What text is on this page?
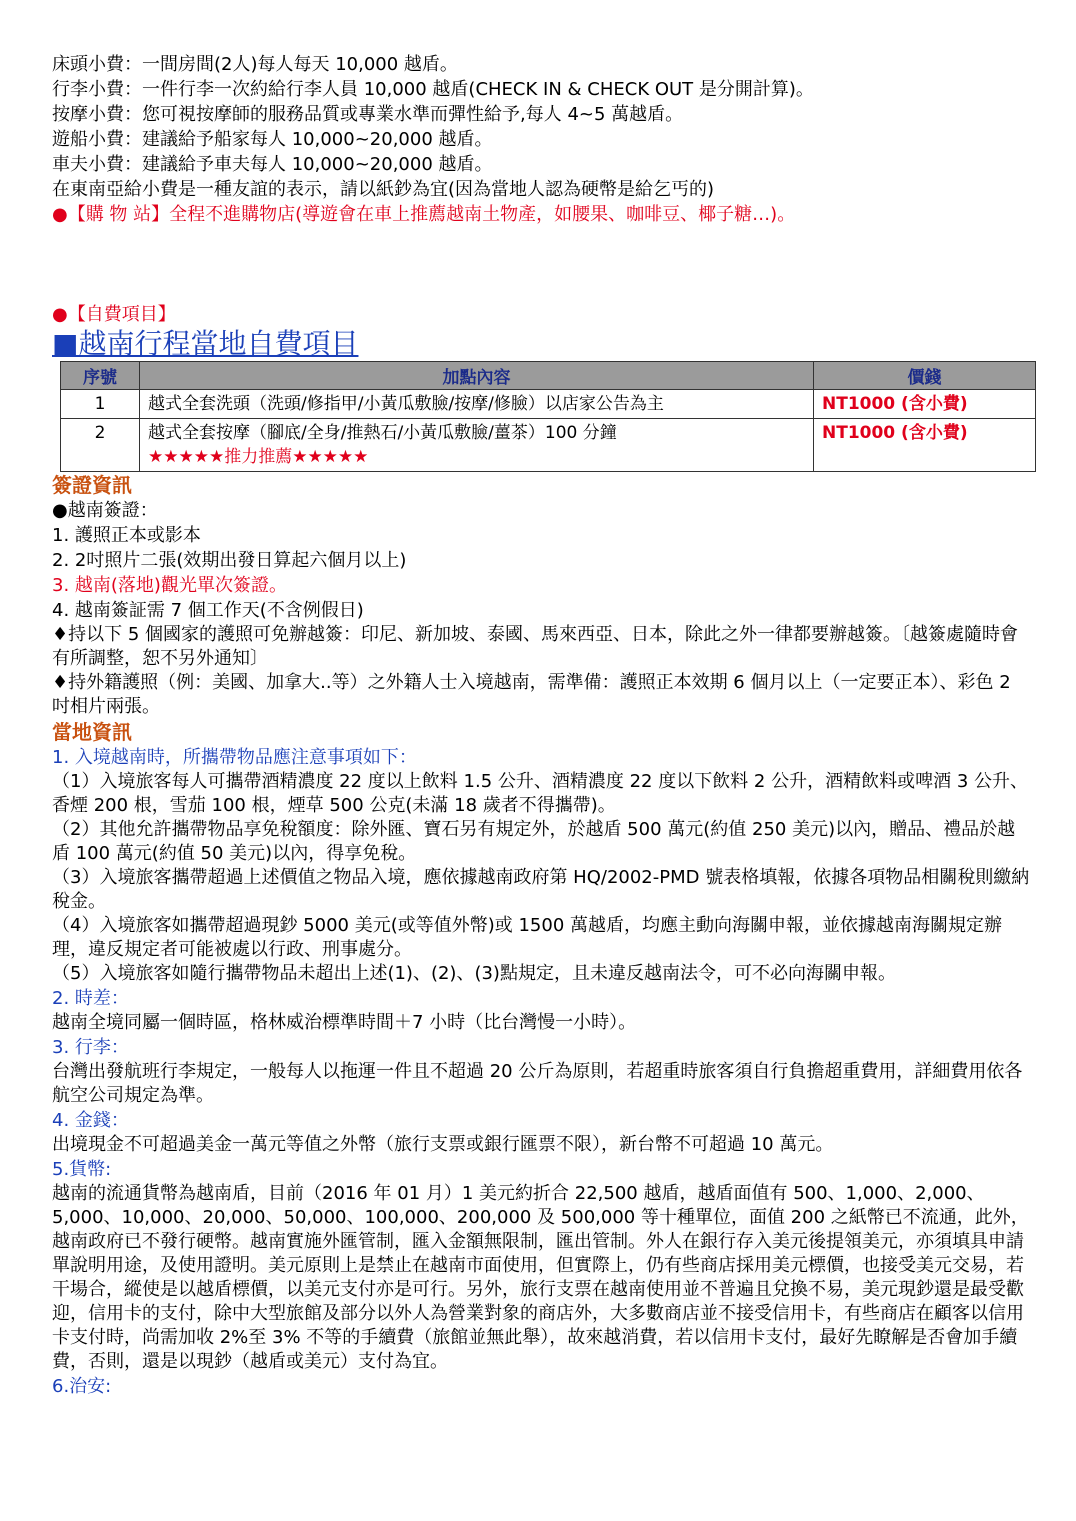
床頭小費：一間房間(2人)每人每天 10,000 越盾。
行李小費：一件行李一次約給行李人員 10,000 越盾(CHECK IN & CHECK OUT 是分開計算)。
按摩小費：您可視按摩師的服務品質或專業水準而彈性給予,每人 4~5 萬越盾。
遊船小費：建議給予船家每人 10,000~20,000 越盾。
車夫小費：建議給予車夫每人 10,000~20,000 越盾。
在東南亞給小費是一種友誼的表示，請以紙鈔為宜(因為當地人認為硬幣是給乞丐的)
●【購 物 站】全程不進購物店(導遊會在車上推薦越南土物產，如腰果、咖啡豆、椰子糖…)。
●【自費項目】
■越南行程當地自費項目
序號	加點內容	價錢
1	越式全套洗頭（洗頭/修指甲/小黃瓜敷臉/按摩/修臉）以店家公告為主	NT1000 (含小費)
2	越式全套按摩（腳底/全身/推熱石/小黃瓜敷臉/薑茶）100 分鐘
★★★★★推力推薦★★★★★	NT1000 (含小費)
簽證資訊
●越南簽證：
1. 護照正本或影本
2. 2吋照片二張(效期出發日算起六個月以上)
3. 越南(落地)觀光單次簽證。
4. 越南簽証需 7 個工作天(不含例假日)
♦持以下 5 個國家的護照可免辦越簽：印尼、新加坡、泰國、馬來西亞、日本，除此之外一律都要辦越簽。〔越簽處隨時會有所調整，恕不另外通知〕
♦持外籍護照（例：美國、加拿大..等）之外籍人士入境越南，需準備：護照正本效期 6 個月以上（一定要正本）、彩色 2 吋相片兩張。
當地資訊
1. 入境越南時，所攜帶物品應注意事項如下：
（1）入境旅客每人可攜帶酒精濃度 22 度以上飲料 1.5 公升、酒精濃度 22 度以下飲料 2 公升，酒精飲料或啤酒 3 公升、香煙 200 根，雪茄 100 根，煙草 500 公克(未滿 18 歲者不得攜帶)。
（2）其他允許攜帶物品享免稅額度：除外匯、寶石另有規定外，於越盾 500 萬元(約值 250 美元)以內，贈品、禮品於越盾 100 萬元(約值 50 美元)以內，得享免稅。
（3）入境旅客攜帶超過上述價值之物品入境，應依據越南政府第 HQ/2002-PMD 號表格填報，依據各項物品相關稅則繳納稅金。
（4）入境旅客如攜帶超過現鈔 5000 美元(或等值外幣)或 1500 萬越盾，均應主動向海關申報，並依據越南海關規定辦理，違反規定者可能被處以行政、刑事處分。
（5）入境旅客如隨行攜帶物品未超出上述(1)、(2)、(3)點規定，且未違反越南法令，可不必向海關申報。
2. 時差：
越南全境同屬一個時區，格林威治標準時間＋7 小時（比台灣慢一小時）。
3. 行李：
台灣出發航班行李規定，一般每人以拖運一件且不超過 20 公斤為原則，若超重時旅客須自行負擔超重費用，詳細費用依各航空公司規定為準。
4. 金錢：
出境現金不可超過美金一萬元等值之外幣（旅行支票或銀行匯票不限），新台幣不可超過 10 萬元。
5.貨幣:
越南的流通貨幣為越南盾，目前（2016 年 01 月）1 美元約折合 22,500 越盾，越盾面值有 500、1,000、2,000、5,000、10,000、20,000、50,000、100,000、200,000 及 500,000 等十種單位，面值 200 之紙幣已不流通，此外，越南政府已不發行硬幣。越南實施外匯管制，匯入金額無限制，匯出管制。外人在銀行存入美元後提領美元，亦須填具申請單說明用途，及使用證明。美元原則上是禁止在越南市面使用，但實際上，仍有些商店採用美元標價，也接受美元交易，若干場合，縱使是以越盾標價，以美元支付亦是可行。另外，旅行支票在越南使用並不普遍且兌換不易，美元現鈔還是最受歡迎，信用卡的支付，除中大型旅館及部分以外人為營業對象的商店外，大多數商店並不接受信用卡，有些商店在顧客以信用卡支付時，尚需加收 2%至 3% 不等的手續費（旅館並無此舉），故來越消費，若以信用卡支付，最好先瞭解是否會加手續費，否則，還是以現鈔（越盾或美元）支付為宜。
6.治安:
